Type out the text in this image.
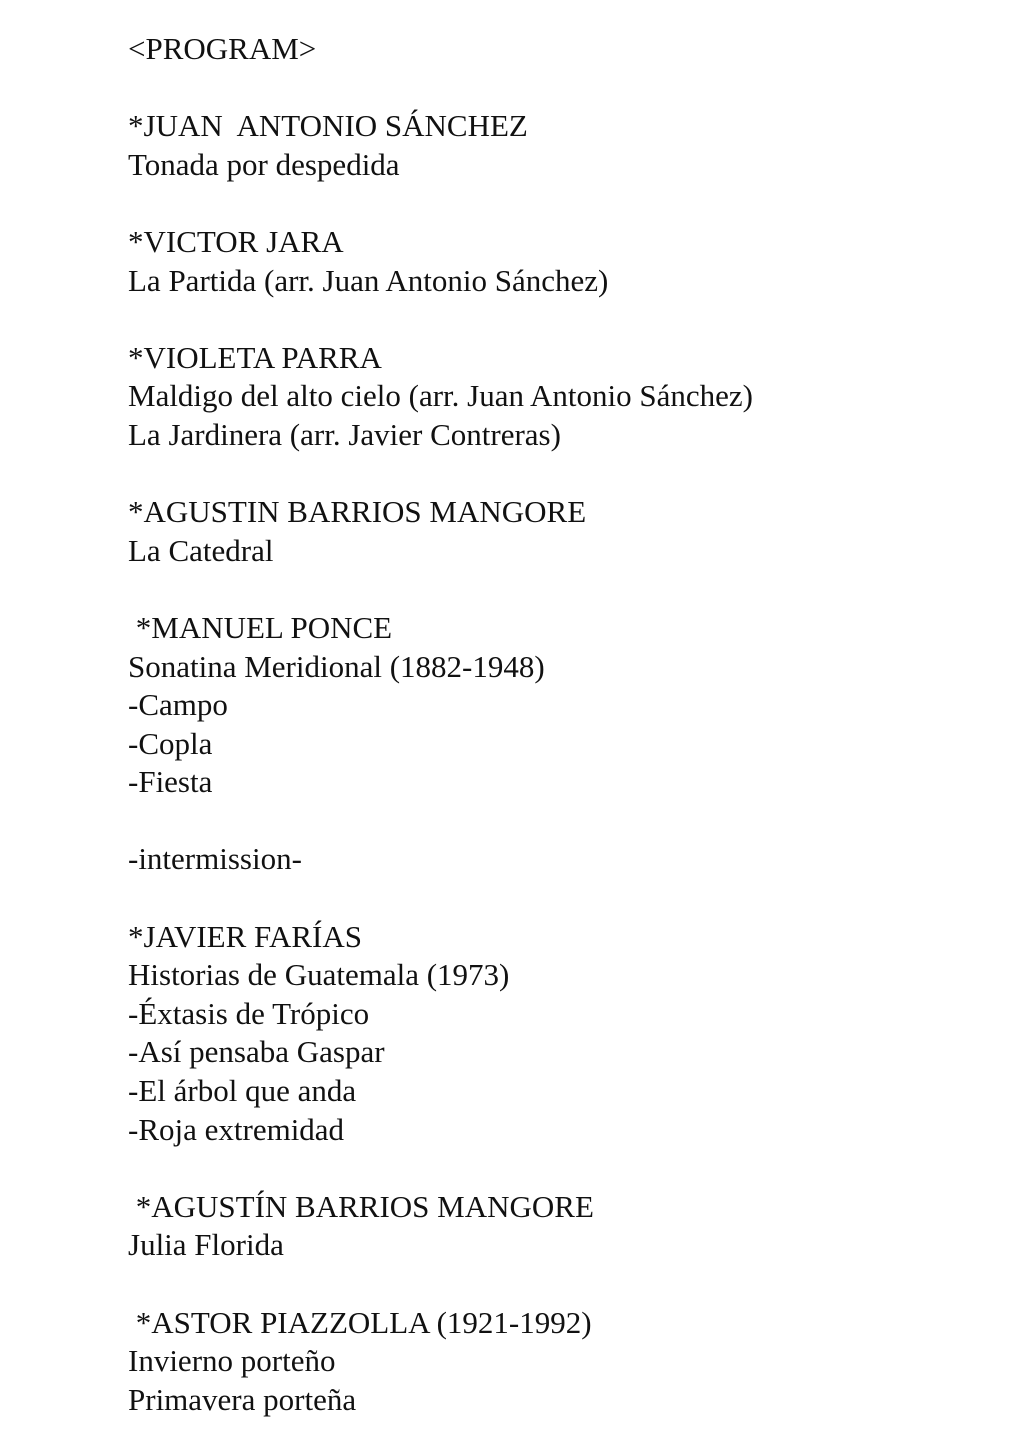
<PROGRAM>
*JUAN  ANTONIO SÁNCHEZ
Tonada por despedida
*VICTOR JARA
La Partida (arr. Juan Antonio Sánchez)
*VIOLETA PARRA
Maldigo del alto cielo (arr. Juan Antonio Sánchez)
La Jardinera (arr. Javier Contreras)
*AGUSTIN BARRIOS MANGORE
La Catedral
*MANUEL PONCE
Sonatina Meridional (1882-1948)
-Campo
-Copla
-Fiesta
-intermission-
*JAVIER FARÍAS
Historias de Guatemala (1973)
-Éxtasis de Trópico
-Así pensaba Gaspar
-El árbol que anda
-Roja extremidad
*AGUSTÍN BARRIOS MANGORE
Julia Florida
*ASTOR PIAZZOLLA (1921-1992)
Invierno porteño
Primavera porteña
